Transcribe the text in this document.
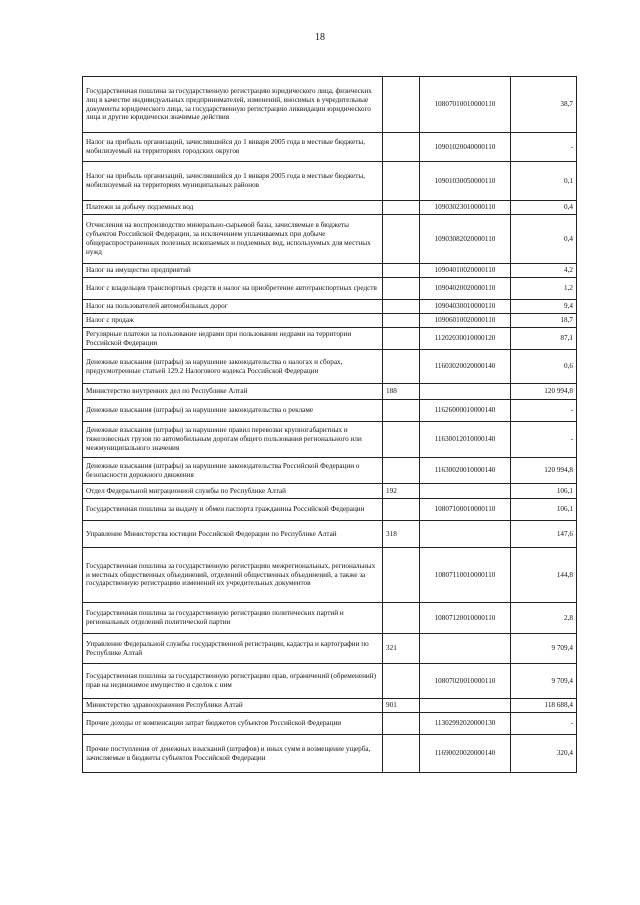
18
Государственная пошлина за государственную регистрацию юридического лица, физических лиц в качестве индивидуальных предпринимателей, изменений, вносимых в учредительные документы юридического лица, за государственную регистрацию ликвидации юридического лица и другие юридически значимые действия		10807010010000110	38,7
Налог на прибыль организаций, зачислявшийся до 1 января 2005 года в местные бюджеты, мобилизуемый на территориях городских округов		10901020040000110	-
Налог на прибыль организаций, зачислявшийся до 1 января 2005 года в местные бюджеты, мобилизуемый на территориях муниципальных районов		10901030050000110	0,1
Платежи за добычу подземных вод		10903023010000110	0,4
Отчисления на воспроизводство минерально-сырьевой базы, зачисляемые в бюджеты субъектов Российской Федерации, за исключением уплачиваемых при добыче общераспространенных полезных ископаемых и подземных вод, используемых для местных нужд		10903082020000110	0,4
Налог на имущество предприятий		10904010020000110	4,2
Налог с владельцев транспортных средств и налог на приобретение автотранспортных средств		10904020020000110	1,2
Налог на пользователей автомобильных дорог		10904030010000110	9,4
Налог с продаж		10906010020000110	18,7
Регулярные платежи за пользование недрами при пользовании недрами на территории Российской Федерации		11202030010000120	87,1
Денежные взыскания (штрафы) за нарушение законодательства о налогах и сборах, предусмотренные статьей 129.2 Налогового кодекса Российской Федерации		11603020020000140	0,6
Министерство внутренних дел по Республике Алтай	188		120 994,8
Денежные взыскания (штрафы) за нарушение законодательства о рекламе		11626000010000140	-
Денежные взыскания (штрафы) за нарушение правил перевозки крупногабаритных и тяжеловесных грузов по автомобильным дорогам общего пользования регионального или межмуниципального значения		11630012010000140	-
Денежные взыскания (штрафы) за нарушение законодательства Российской Федерации о безопасности дорожного движения		11630020010000140	120 994,8
Отдел Федеральной миграционной службы по Республике Алтай	192		106,1
Государственная пошлина за выдачу и обмен паспорта гражданина Российской Федерации		10807100010000110	106,1
Управление Министерства юстиции Российской Федерации по Республике Алтай	318		147,6
Государственная пошлина за государственную регистрацию межрегиональных, региональных и местных общественных объединений, отделений общественных объединений, а также за государственную регистрацию изменений их учредительных документов		10807110010000110	144,8
Государственная пошлина за государственную регистрацию политических партий и региональных отделений политической партии		10807120010000110	2,8
Управление Федеральной службы государственной регистрации, кадастра и картографии по Республике Алтай	321		9 709,4
Государственная пошлина за государственную регистрацию прав, ограничений (обременений) прав на недвижимое имущество и сделок с ним		10807020010000110	9 709,4
Министерство здравоохранения Республики Алтай	901		118 688,4
Прочие доходы от компенсации затрат бюджетов субъектов Российской Федерации		11302992020000130	-
Прочие поступления от денежных взысканий (штрафов) и иных сумм в возмещение ущерба, зачисляемые в бюджеты субъектов Российской Федерации		11690020020000140	320,4
